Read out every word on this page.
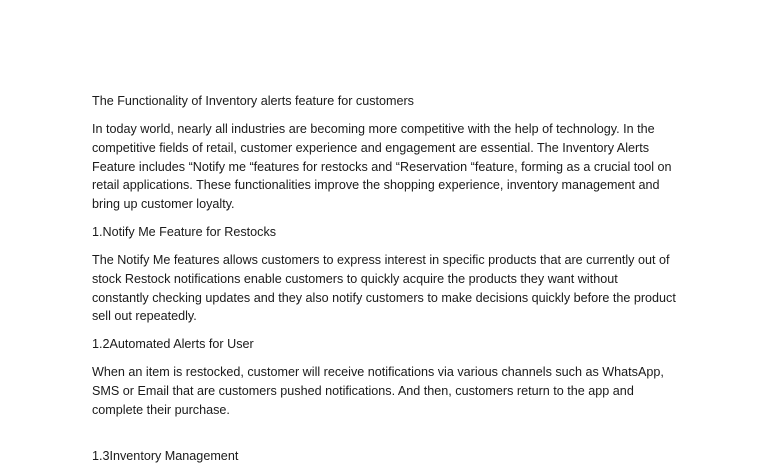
The Functionality of Inventory alerts feature for customers

In today world, nearly all industries are becoming more competitive with the help of technology. In the
competitive fields of retail, customer experience and engagement are essential. The Inventory Alerts
Feature includes “Notify me “features for restocks and “Reservation “feature, forming as a crucial tool on
retail applications. These functionalities improve the shopping experience, inventory management and
bring up customer loyalty.

1.Notify Me Feature for Restocks

The Notify Me features allows customers to express interest in specific products that are currently out of
stock Restock notifications enable customers to quickly acquire the products they want without
constantly checking updates and they also notify customers to make decisions quickly before the product
sell out repeatedly.

1.2Automated Alerts for User

When an item is restocked, customer will receive notifications via various channels such as WhatsApp,
SMS or Email that are customers pushed notifications. And then, customers return to the app and
complete their purchase.

1.3Inventory Management
